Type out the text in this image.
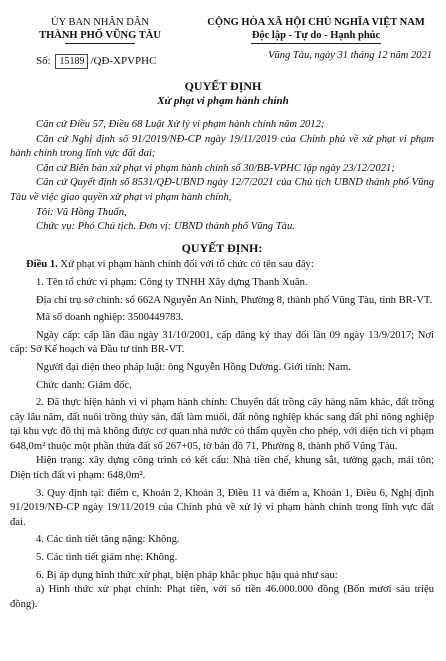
ỦY BAN NHÂN DÂN
THÀNH PHỐ VŨNG TÀU
CỘNG HÒA XÃ HỘI CHỦ NGHĨA VIỆT NAM
Độc lập - Tự do - Hạnh phúc
Số: 15189 /QĐ-XPVPHC	Vũng Tàu, ngày 31 tháng 12 năm 2021
QUYẾT ĐỊNH
Xử phạt vi phạm hành chính

Căn cứ Điều 57, Điều 68 Luật Xử lý vi phạm hành chính năm 2012;

Căn cứ Nghị định số 91/2019/NĐ-CP ngày 19/11/2019 của Chính phủ về xử phạt vi phạm hành chính trong lĩnh vực đất đai;

Căn cứ Biên bản xử phạt vi phạm hành chính số 30/BB-VPHC lập ngày 23/12/2021;

Căn cứ Quyết định số 8531/QĐ-UBND ngày 12/7/2021 của Chủ tịch UBND thành phố Vũng Tàu về việc giao quyền xử phạt vi phạm hành chính,

Tôi: Vũ Hồng Thuấn,

Chức vụ: Phó Chủ tịch. Đơn vị: UBND thành phố Vũng Tàu.

QUYẾT ĐỊNH:

Điều 1. Xử phạt vi phạm hành chính đối với tổ chức có tên sau đây:

1. Tên tổ chức vi phạm: Công ty TNHH Xây dựng Thanh Xuân.

Địa chỉ trụ sở chính: số 662A Nguyễn An Ninh, Phường 8, thành phố Vũng Tàu, tỉnh BR-VT.

Mã số doanh nghiệp: 3500449783.

Ngày cấp: cấp lần đầu ngày 31/10/2001, cấp đăng ký thay đổi lần 09 ngày 13/9/2017; Nơi cấp: Sở Kế hoạch và Đầu tư tỉnh BR-VT.

Người đại diện theo pháp luật: ông Nguyễn Hồng Dương. Giới tính: Nam.

Chức danh: Giám đốc.

2. Đã thực hiện hành vi vi phạm hành chính: Chuyển đất trồng cây hàng năm khác, đất trồng cây lâu năm, đất nuôi trồng thủy sản, đất làm muối, đất nông nghiệp khác sang đất phi nông nghiệp tại khu vực đô thị mà không được cơ quan nhà nước có thẩm quyền cho phép, với diện tích vi phạm 648,0m² thuộc một phần thửa đất số 267+05, tờ bản đồ 71, Phường 8, thành phố Vũng Tàu.

Hiện trạng: xây dựng công trình có kết cấu: Nhà tiền chế, khung sắt, tường gạch, mái tôn; Diện tích đất vi phạm: 648,0m².

3. Quy định tại: điểm c, Khoản 2, Khoản 3, Điều 11 và điểm a, Khoản 1, Điều 6, Nghị định 91/2019/NĐ-CP ngày 19/11/2019 của Chính phủ về xử lý vi phạm hành chính trong lĩnh vực đất đai.

4. Các tình tiết tăng nặng: Không.

5. Các tình tiết giảm nhẹ: Không.

6. Bị áp dụng hình thức xử phạt, biện pháp khắc phục hậu quả như sau:

a) Hình thức xử phạt chính: Phạt tiền, với số tiền 46.000.000 đồng (Bốn mươi sáu triệu đồng).
